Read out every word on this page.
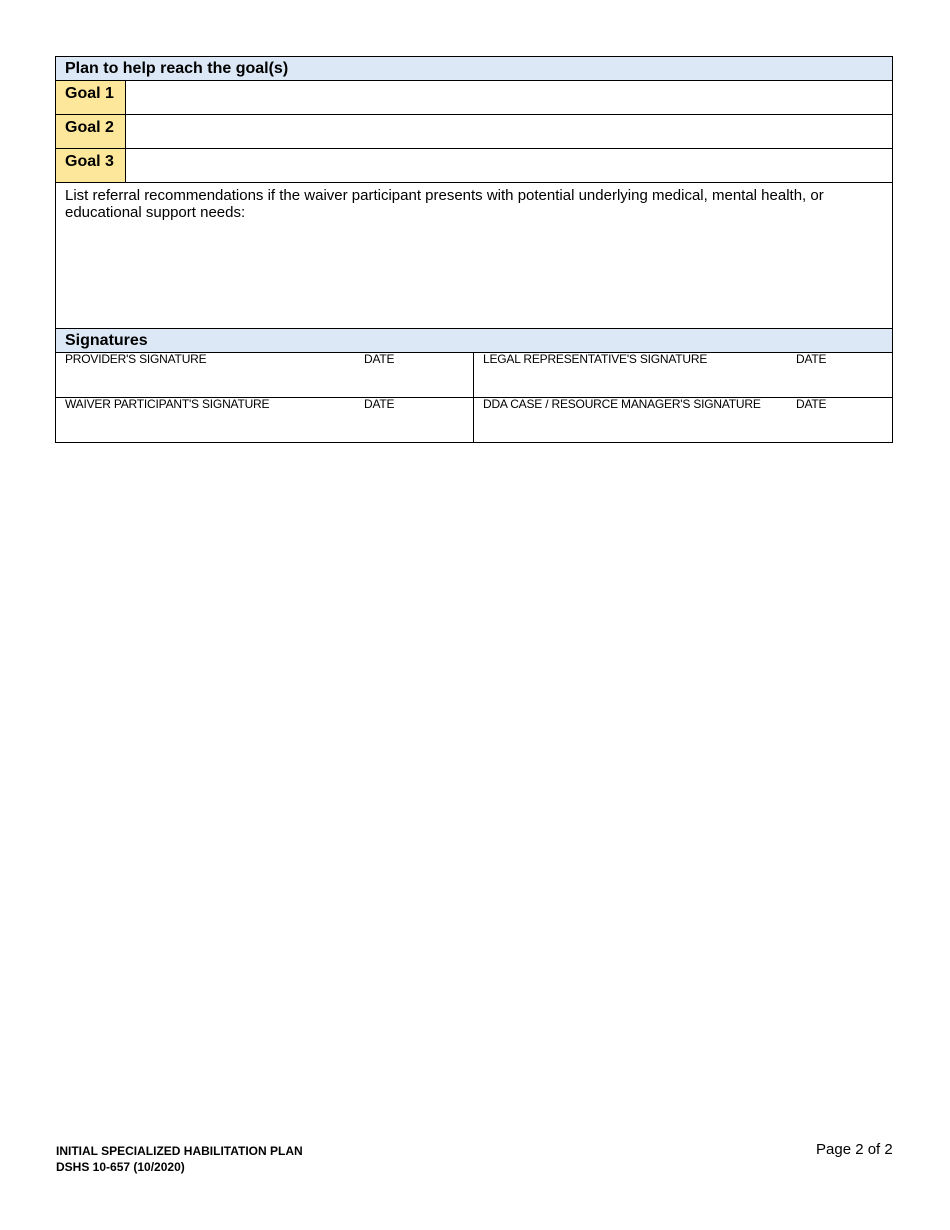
Plan to help reach the goal(s)
Goal 1
Goal 2
Goal 3
List referral recommendations if the waiver participant presents with potential underlying medical, mental health, or educational support needs:
Signatures
PROVIDER'S SIGNATURE	DATE	LEGAL REPRESENTATIVE'S SIGNATURE	DATE
WAIVER PARTICIPANT'S SIGNATURE	DATE	DDA CASE / RESOURCE MANAGER'S SIGNATURE	DATE
INITIAL SPECIALIZED HABILITATION PLAN
DSHS 10-657 (10/2020)
Page 2 of 2
